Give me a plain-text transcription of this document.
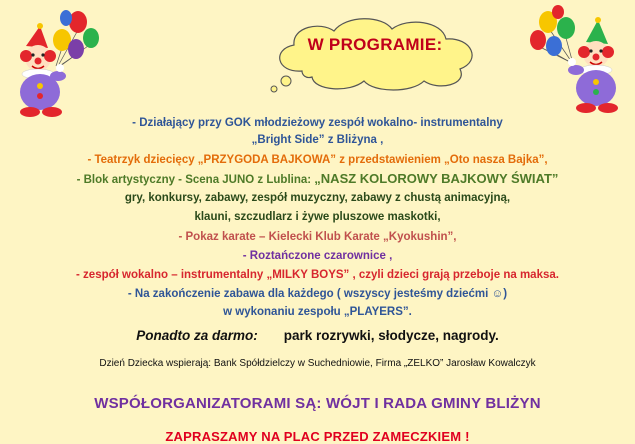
W PROGRAMIE:
- Działający przy GOK młodzieżowy zespół wokalno- instrumentalny
„Bright Side” z Bliżyna ,
- Teatrzyk dziecięcy „PRZYGODA BAJKOWA” z przedstawieniem „Oto nasza Bajka”,
- Blok artystyczny - Scena JUNO z Lublina: „NASZ KOLOROWY BAJKOWY ŚWIAT”
gry, konkursy, zabawy, zespół muzyczny, zabawy z chustą animacyjną,
klauni, szczudlarz i żywe pluszowe maskotki,
- Pokaz karate – Kielecki Klub Karate „Kyokushin”,
- Roztańczone czarownice ,
- zespół wokalno – instrumentalny „MILKY BOYS” , czyli dzieci grają przeboje na maksa.
- Na zakończenie zabawa dla każdego ( wszyscy jesteśmy dziećmi ☺)
w wykonaniu zespołu „PLAYERS”.
Ponadto za darmo: park rozrywki, słodycze, nagrody.
Dzień Dziecka wspierają: Bank Spółdzielczy w Suchedniowie, Firma „ZELKO” Jarosław Kowalczyk
WSPÓŁORGANIZATORAMI SĄ: WÓJT I RADA GMINY BLIŻYN
ZAPRASZAMY NA PLAC PRZED ZAMECZKIEM !
